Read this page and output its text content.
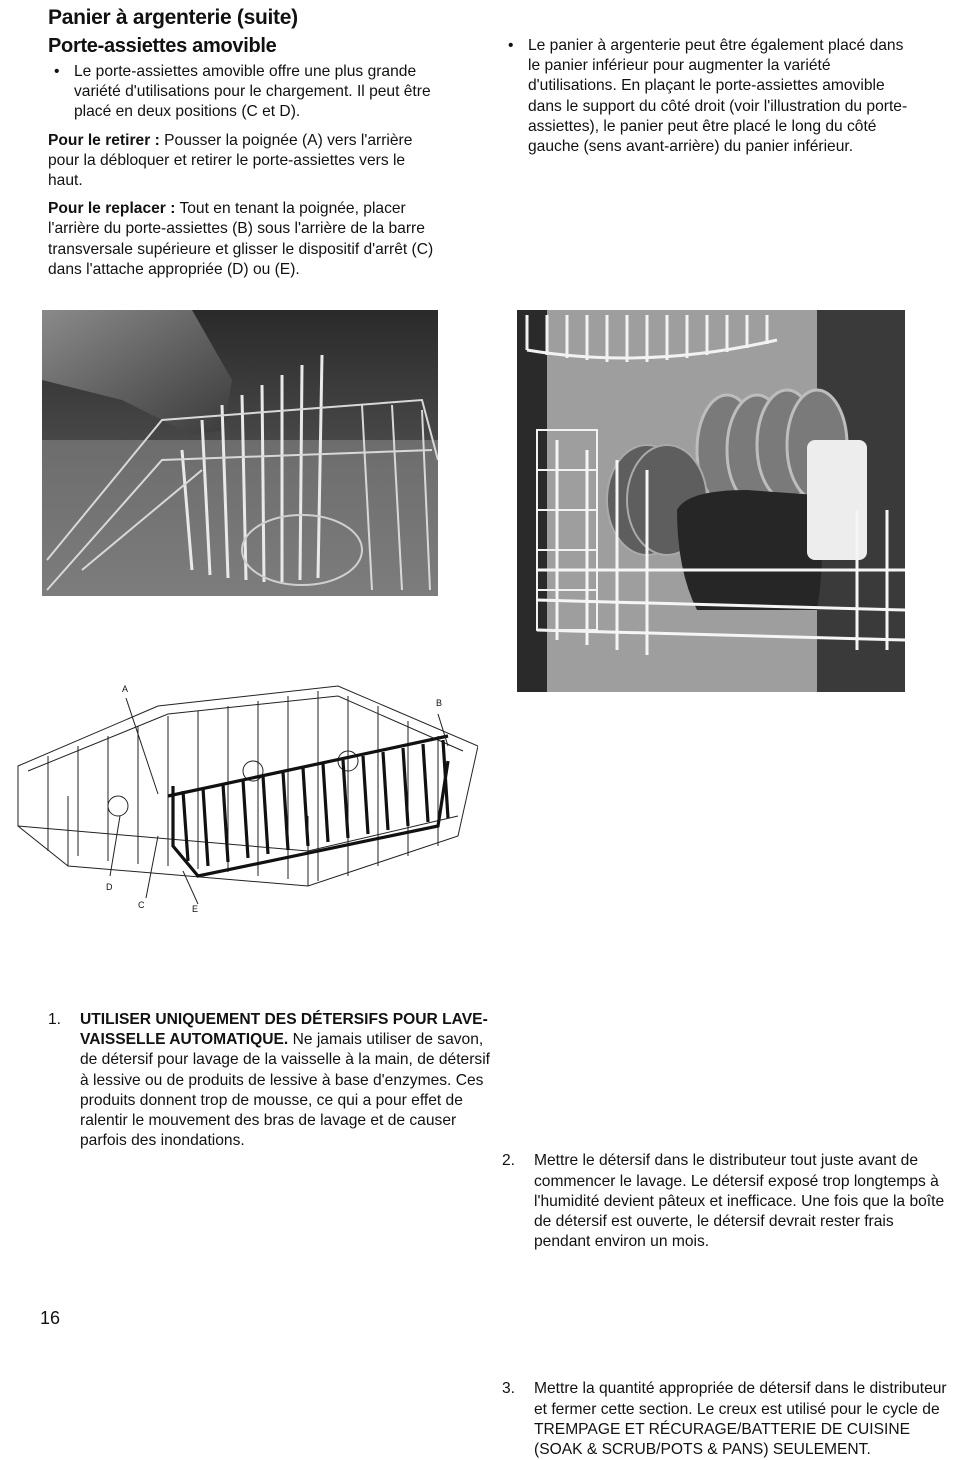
Panier à argenterie (suite)
Porte-assiettes amovible

• Le porte-assiettes amovible offre une plus grande variété d'utilisations pour le chargement. Il peut être placé en deux positions (C et D).

Pour le retirer : Pousser la poignée (A) vers l'arrière pour la débloquer et retirer le porte-assiettes vers le haut.

Pour le replacer : Tout en tenant la poignée, placer l'arrière du porte-assiettes (B) sous l'arrière de la barre transversale supérieure et glisser le dispositif d'arrêt (C) dans l'attache appropriée (D) ou (E).

• Le panier à argenterie peut être également placé dans le panier inférieur pour augmenter la variété d'utilisations. En plaçant le porte-assiettes amovible dans le support du côté droit (voir l'illustration du porte-assiettes), le panier peut être placé le long du côté gauche (sens avant-arrière) du panier inférieur.

A
B
D
C	E
1. UTILISER UNIQUEMENT DES DÉTERSIFS POUR LAVE-VAISSELLE AUTOMATIQUE. Ne jamais utiliser de savon, de détersif pour lavage de la vaisselle à la main, de détersif à lessive ou de produits de lessive à base d'enzymes. Ces produits donnent trop de mousse, ce qui a pour effet de ralentir le mouvement des bras de lavage et de causer parfois des inondations.
2. Mettre le détersif dans le distributeur tout juste avant de commencer le lavage. Le détersif exposé trop longtemps à l'humidité devient pâteux et inefficace. Une fois que la boîte de détersif est ouverte, le détersif devrait rester frais pendant environ un mois.
3. Mettre la quantité appropriée de détersif dans le distributeur et fermer cette section. Le creux est utilisé pour le cycle de TREMPAGE ET RÉCURAGE/BATTERIE DE CUISINE (SOAK & SCRUB/POTS & PANS) SEULEMENT.
16
